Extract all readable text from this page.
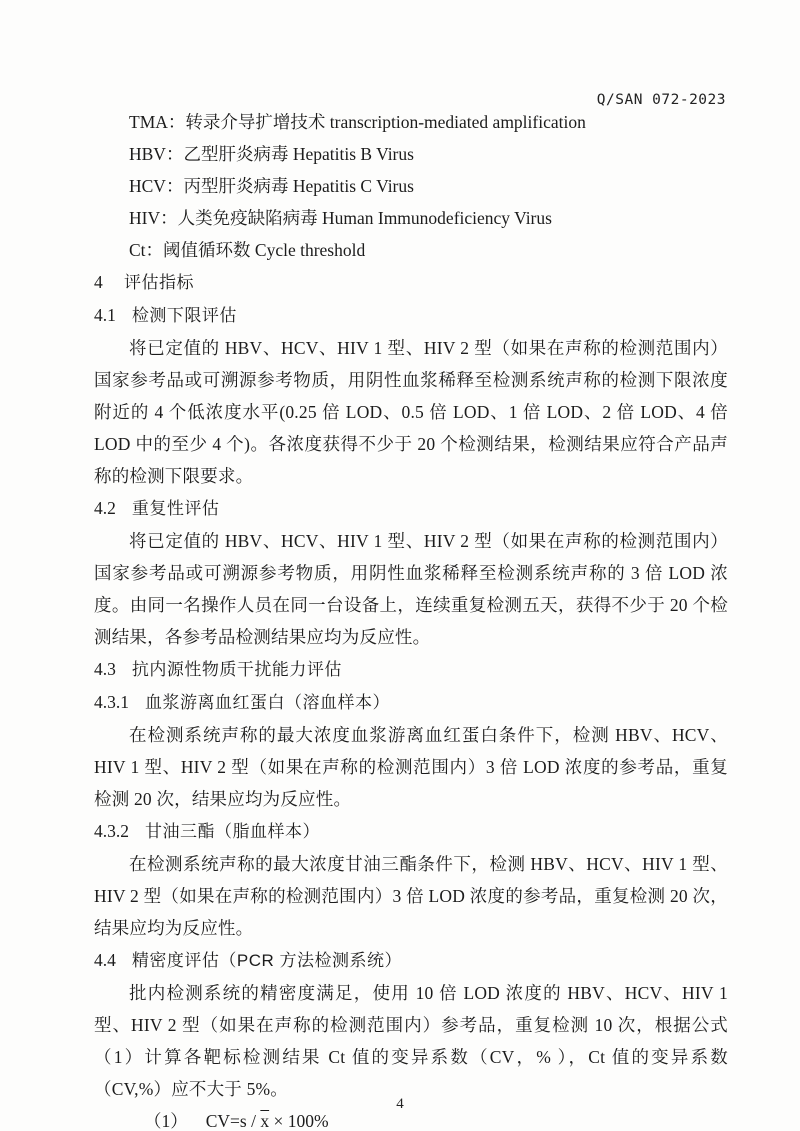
Q/SAN 072-2023
TMA：转录介导扩增技术 transcription-mediated amplification
HBV：乙型肝炎病毒 Hepatitis B Virus
HCV：丙型肝炎病毒 Hepatitis C Virus
HIV：人类免疫缺陷病毒 Human Immunodeficiency Virus
Ct：阈值循环数 Cycle threshold
4 评估指标
4.1 检测下限评估

将已定值的 HBV、HCV、HIV 1 型、HIV 2 型（如果在声称的检测范围内）国家参考品或可溯源参考物质，用阴性血浆稀释至检测系统声称的检测下限浓度附近的 4 个低浓度水平(0.25 倍 LOD、0.5 倍 LOD、1 倍 LOD、2 倍 LOD、4 倍 LOD 中的至少 4 个)。各浓度获得不少于 20 个检测结果，检测结果应符合产品声称的检测下限要求。

4.2 重复性评估

将已定值的 HBV、HCV、HIV 1 型、HIV 2 型（如果在声称的检测范围内）国家参考品或可溯源参考物质，用阴性血浆稀释至检测系统声称的 3 倍 LOD 浓度。由同一名操作人员在同一台设备上，连续重复检测五天，获得不少于 20 个检测结果，各参考品检测结果应均为反应性。

4.3 抗内源性物质干扰能力评估
4.3.1 血浆游离血红蛋白（溶血样本）

在检测系统声称的最大浓度血浆游离血红蛋白条件下，检测 HBV、HCV、HIV 1 型、HIV 2 型（如果在声称的检测范围内）3 倍 LOD 浓度的参考品，重复检测 20 次，结果应均为反应性。

4.3.2 甘油三酯（脂血样本）

在检测系统声称的最大浓度甘油三酯条件下，检测 HBV、HCV、HIV 1 型、HIV 2 型（如果在声称的检测范围内）3 倍 LOD 浓度的参考品，重复检测 20 次，结果应均为反应性。

4.4 精密度评估（PCR 方法检测系统）

批内检测系统的精密度满足，使用 10 倍 LOD 浓度的 HBV、HCV、HIV 1 型、HIV 2 型（如果在声称的检测范围内）参考品，重复检测 10 次，根据公式（1）计算各靶标检测结果 Ct 值的变异系数（CV，% ），Ct 值的变异系数（CV,%）应不大于 5%。

（1） $CV=s / \overline{x} \times 100\%$
4
